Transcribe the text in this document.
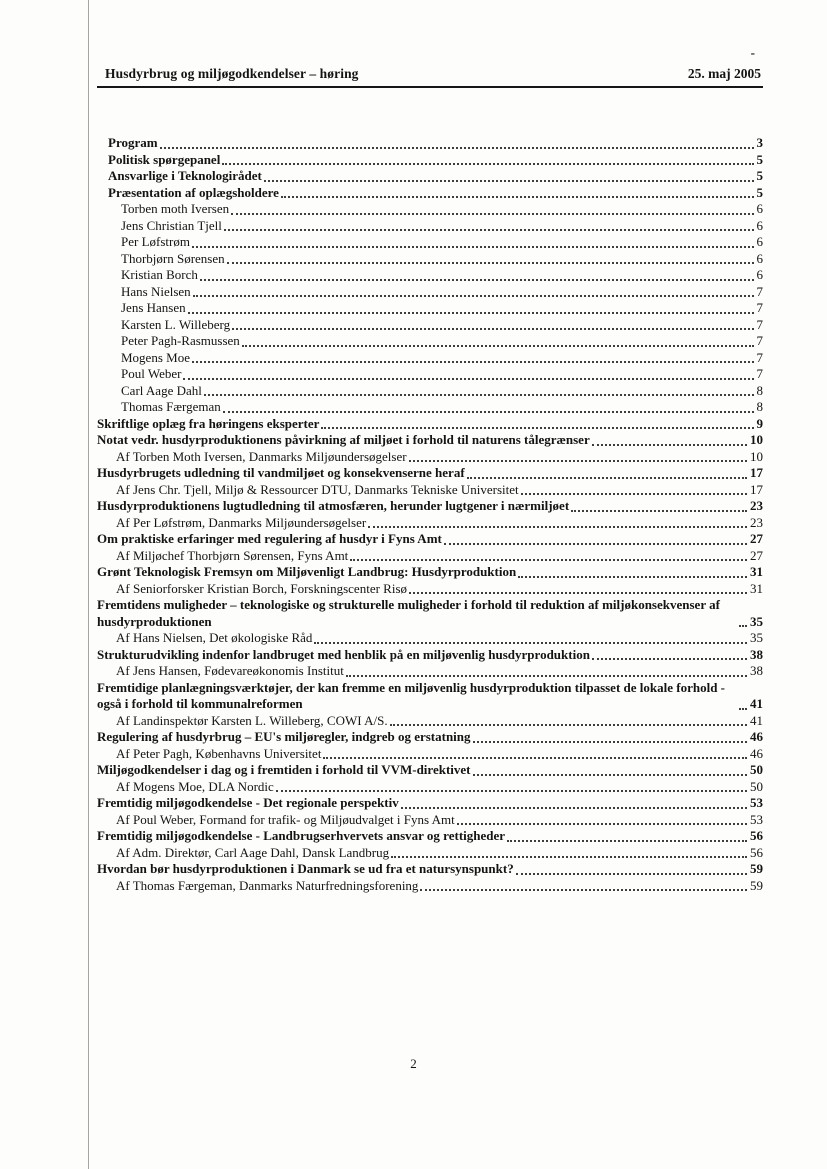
-
Husdyrbrug og miljøgodkendelser – høring	25. maj 2005
Program	3
Politisk spørgepanel	5
Ansvarlige i Teknologirådet	5
Præsentation af oplægsholdere	5
Torben moth Iversen	6
Jens Christian Tjell	6
Per Løfstrøm	6
Thorbjørn Sørensen	6
Kristian Borch	6
Hans Nielsen	7
Jens Hansen	7
Karsten L. Willeberg	7
Peter Pagh-Rasmussen	7
Mogens Moe	7
Poul Weber	7
Carl Aage Dahl	8
Thomas Færgeman	8
Skriftlige oplæg fra høringens eksperter	9
Notat vedr. husdyrproduktionens påvirkning af miljøet i forhold til naturens tålegrænser	10
Af Torben Moth Iversen, Danmarks Miljøundersøgelser	10
Husdyrbrugets udledning til vandmiljøet og konsekvenserne heraf	17
Af Jens Chr. Tjell, Miljø & Ressourcer DTU, Danmarks Tekniske Universitet	17
Husdyrproduktionens lugtudledning til atmosfæren, herunder lugtgener i nærmiljøet	23
Af Per Løfstrøm, Danmarks Miljøundersøgelser	23
Om praktiske erfaringer med regulering af husdyr i Fyns Amt	27
Af Miljøchef Thorbjørn Sørensen, Fyns Amt	27
Grønt Teknologisk Fremsyn om Miljøvenligt Landbrug: Husdyrproduktion	31
Af Seniorforsker Kristian Borch, Forskningscenter Risø	31
Fremtidens muligheder – teknologiske og strukturelle muligheder i forhold til reduktion af miljøkonsekvenser af husdyrproduktionen	35
Af Hans Nielsen, Det økologiske Råd	35
Strukturudvikling indenfor landbruget med henblik på en miljøvenlig husdyrproduktion	38
Af Jens Hansen, Fødevareøkonomis Institut	38
Fremtidige planlægningsværktøjer, der kan fremme en miljøvenlig husdyrproduktion tilpasset de lokale forhold - også i forhold til kommunalreformen	41
Af Landinspektør Karsten L. Willeberg, COWI A/S.	41
Regulering af husdyrbrug – EU's miljøregler, indgreb og erstatning	46
Af Peter Pagh, Københavns Universitet	46
Miljøgodkendelser i dag og i fremtiden i forhold til VVM-direktivet	50
Af Mogens Moe, DLA Nordic	50
Fremtidig miljøgodkendelse - Det regionale perspektiv	53
Af Poul Weber, Formand for trafik- og Miljøudvalget i Fyns Amt	53
Fremtidig miljøgodkendelse - Landbrugserhvervets ansvar og rettigheder	56
Af Adm. Direktør, Carl Aage Dahl, Dansk Landbrug	56
Hvordan bør husdyrproduktionen i Danmark se ud fra et natursynspunkt?	59
Af Thomas Færgeman, Danmarks Naturfredningsforening	59
2
